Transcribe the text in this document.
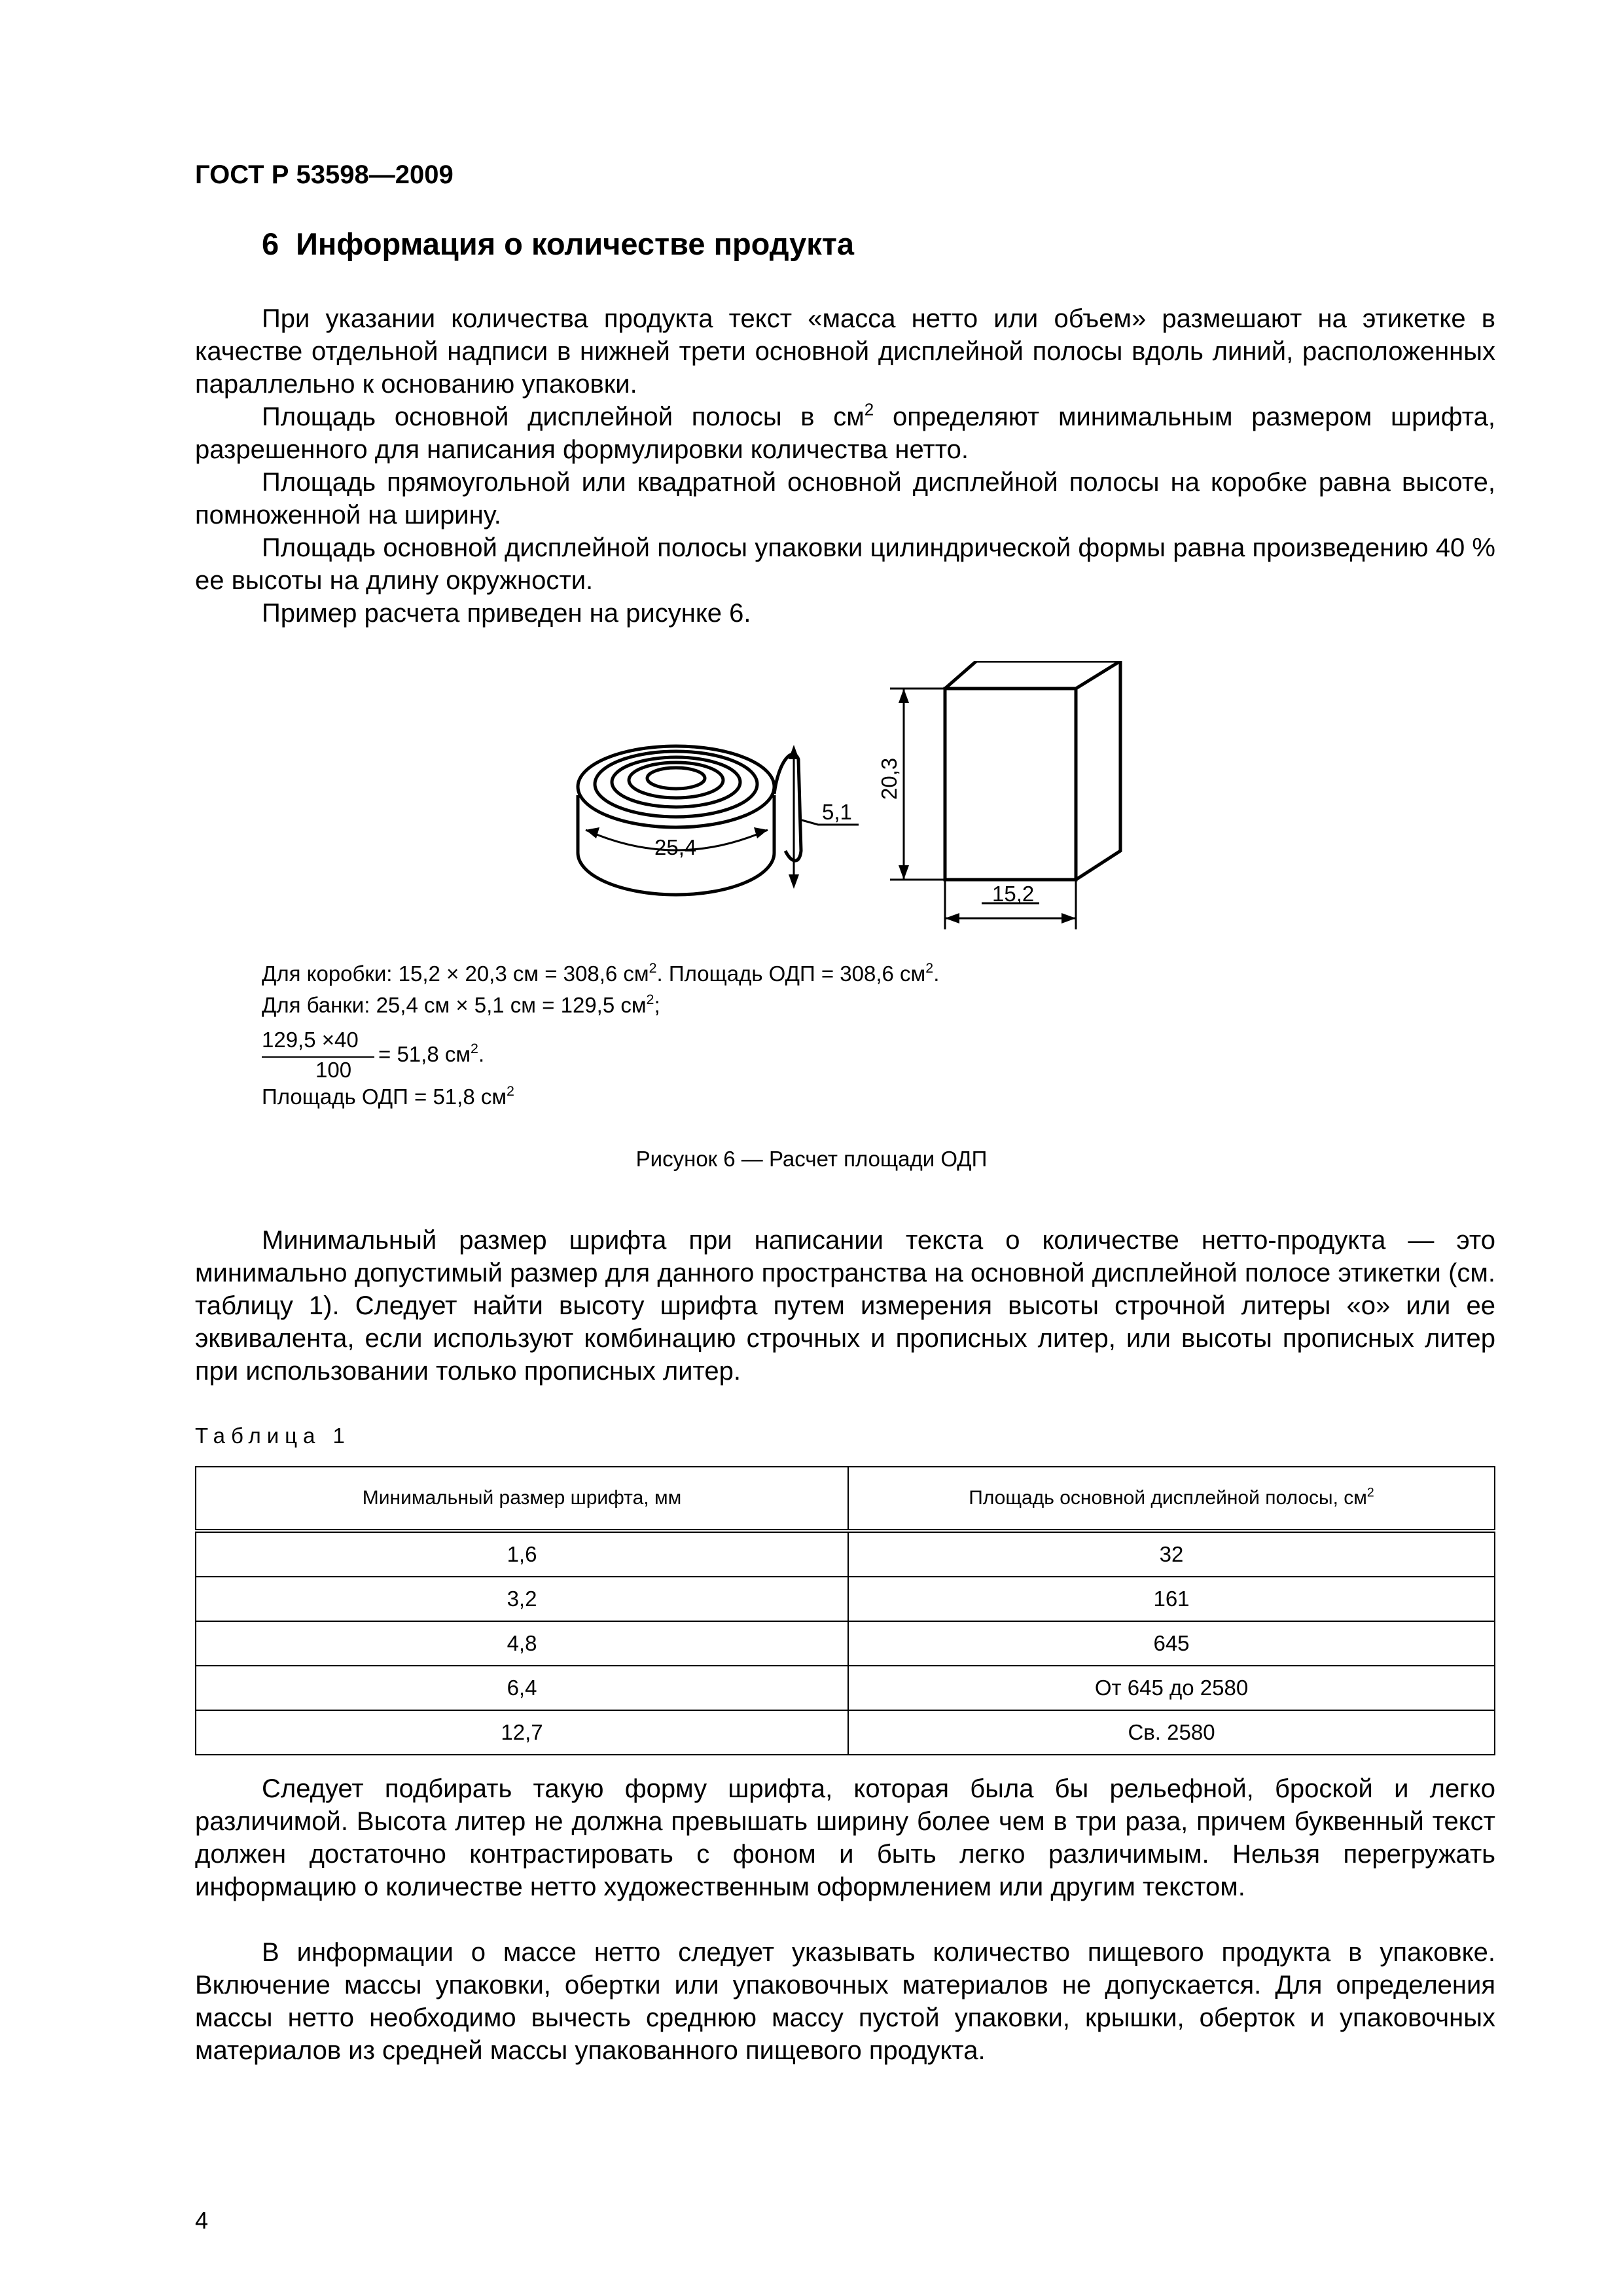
ГОСТ Р 53598—2009
6 Информация о количестве продукта
При указании количества продукта текст «масса нетто или объем» размешают на этикетке в качестве отдельной надписи в нижней трети основной дисплейной полосы вдоль линий, расположенных параллельно к основанию упаковки.
Площадь основной дисплейной полосы в $см^2$ определяют минимальным размером шрифта, разрешенного для написания формулировки количества нетто.
Площадь прямоугольной или квадратной основной дисплейной полосы на коробке равна высоте, помноженной на ширину.
Площадь основной дисплейной полосы упаковки цилиндрической формы равна произведению 40 % ее высоты на длину окружности.
Пример расчета приведен на рисунке 6.
25,4
5,1
15,2
20,3
Для коробки: 15,2 × 20,3 см = 308,6 $см^2$. Площадь ОДП = 308,6 $см^2$.
Для банки: 25,4 см × 5,1 см = 129,5 $см^2$;
129,5 ×40
100
= 51,8 $см^2$.
Площадь ОДП = 51,8 $см^2$
Рисунок 6 — Расчет площади ОДП
Минимальный размер шрифта при написании текста о количестве нетто-продукта — это минимально допустимый размер для данного пространства на основной дисплейной полосе этикетки (см. таблицу 1). Следует найти высоту шрифта путем измерения высоты строчной литеры «о» или ее эквивалента, если используют комбинацию строчных и прописных литер, или высоты прописных литер при использовании только прописных литер.
Таблица 1
Минимальный размер шрифта, мм	Площадь основной дисплейной полосы, $см^2$
1,6	32
3,2	161
4,8	645
6,4	От 645 до 2580
12,7	Св. 2580
Следует подбирать такую форму шрифта, которая была бы рельефной, броской и легко различимой. Высота литер не должна превышать ширину более чем в три раза, причем буквенный текст должен достаточно контрастировать с фоном и быть легко различимым. Нельзя перегружать информацию о количестве нетто художественным оформлением или другим текстом.
В информации о массе нетто следует указывать количество пищевого продукта в упаковке. Включение массы упаковки, обертки или упаковочных материалов не допускается. Для определения массы нетто необходимо вычесть среднюю массу пустой упаковки, крышки, оберток и упаковочных материалов из средней массы упакованного пищевого продукта.
4
